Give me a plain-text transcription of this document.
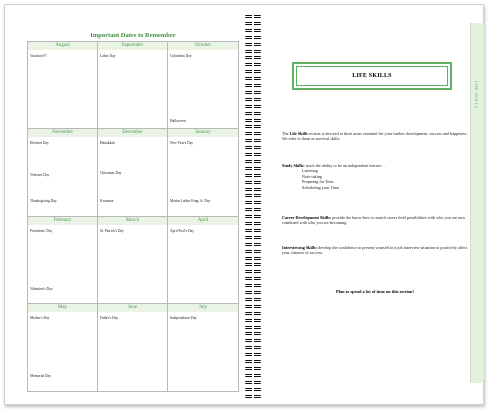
Important Dates to Remember
August
Vacation!!?
September
Labor Day
October
Columbus Day
Halloween
November
Election Day
Veterans Day
Thanksgiving Day
December
Hanukkah
Christmas Day
Kwanzaa
January
New Year's Day
Martin Luther King, Jr. Day
February
Presidents' Day
Valentine's Day
March
St. Patrick's Day
April
April Fool's Day
May
Mother's Day
Memorial Day
June
Father's Day
July
Independence Day
LIFE SKILLS
LIFE SKILLS
The Life Skills section is devoted to three areas essential for your further development, success and happiness. We refer to them as survival skills:
Study Skills: teach the ability to be an independent learner…
Listening
Note-taking
Preparing for Tests
Scheduling your Time
Career Development Skills: provide the know-how to match career field possibilities with who you are now combined with who you are becoming.
Interviewing Skills: develop the confidence to present yourself in a job interview situation to positively affect your chances of success.
Plan to spend a lot of time on this section!
